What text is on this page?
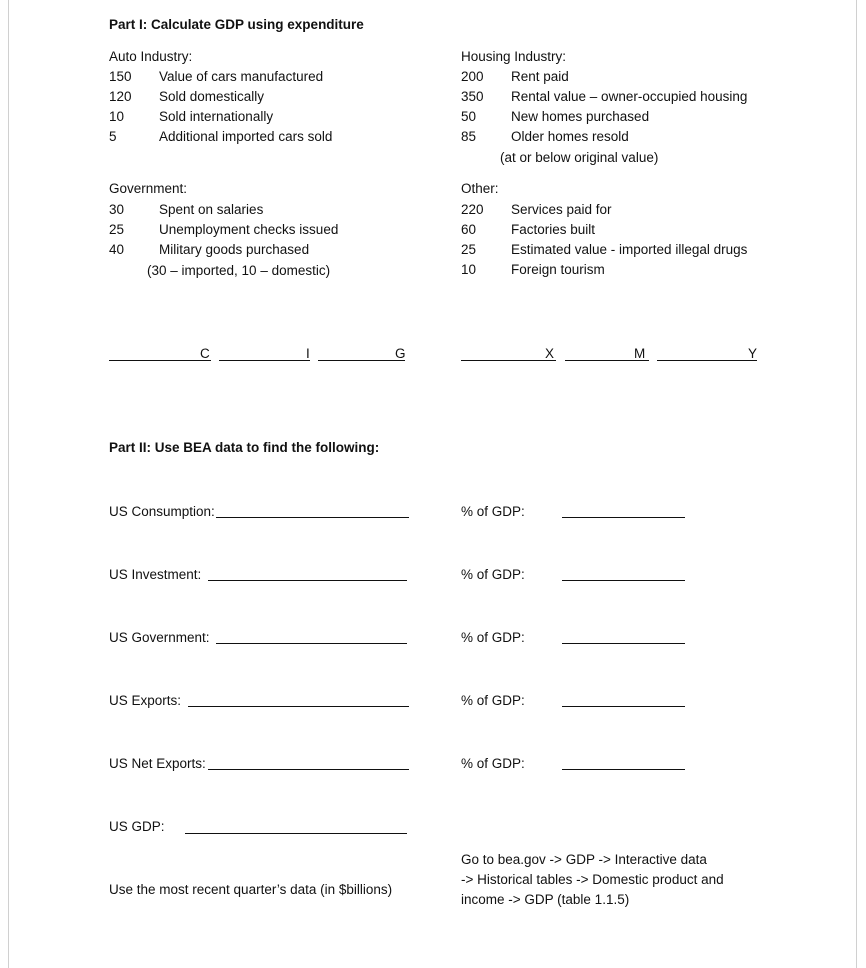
Part I: Calculate GDP using expenditure
Auto Industry:
150 Value of cars manufactured
120 Sold domestically
10	Sold internationally
5	Additional imported cars sold
Housing Industry:
200 Rent paid
350 Rental value – owner-occupied housing
50	New homes purchased
85	Older homes resold
(at or below original value)
Government:
30	Spent on salaries
25	Unemployment checks issued
40	Military goods purchased
(30 – imported, 10 – domestic)
Other:
220 Services paid for
60	Factories built
25	Estimated value - imported illegal drugs
10	Foreign tourism
C	I	G	X	M	Y
Part II: Use BEA data to find the following:
US Consumption:	% of GDP:
US Investment:	% of GDP:
US Government:	% of GDP:
US Exports:	% of GDP:
US Net Exports:	% of GDP:
US GDP:
Go to bea.gov -> GDP -> Interactive data
-> Historical tables -> Domestic product and
income -> GDP (table 1.1.5)
Use the most recent quarter’s data (in $billions)
